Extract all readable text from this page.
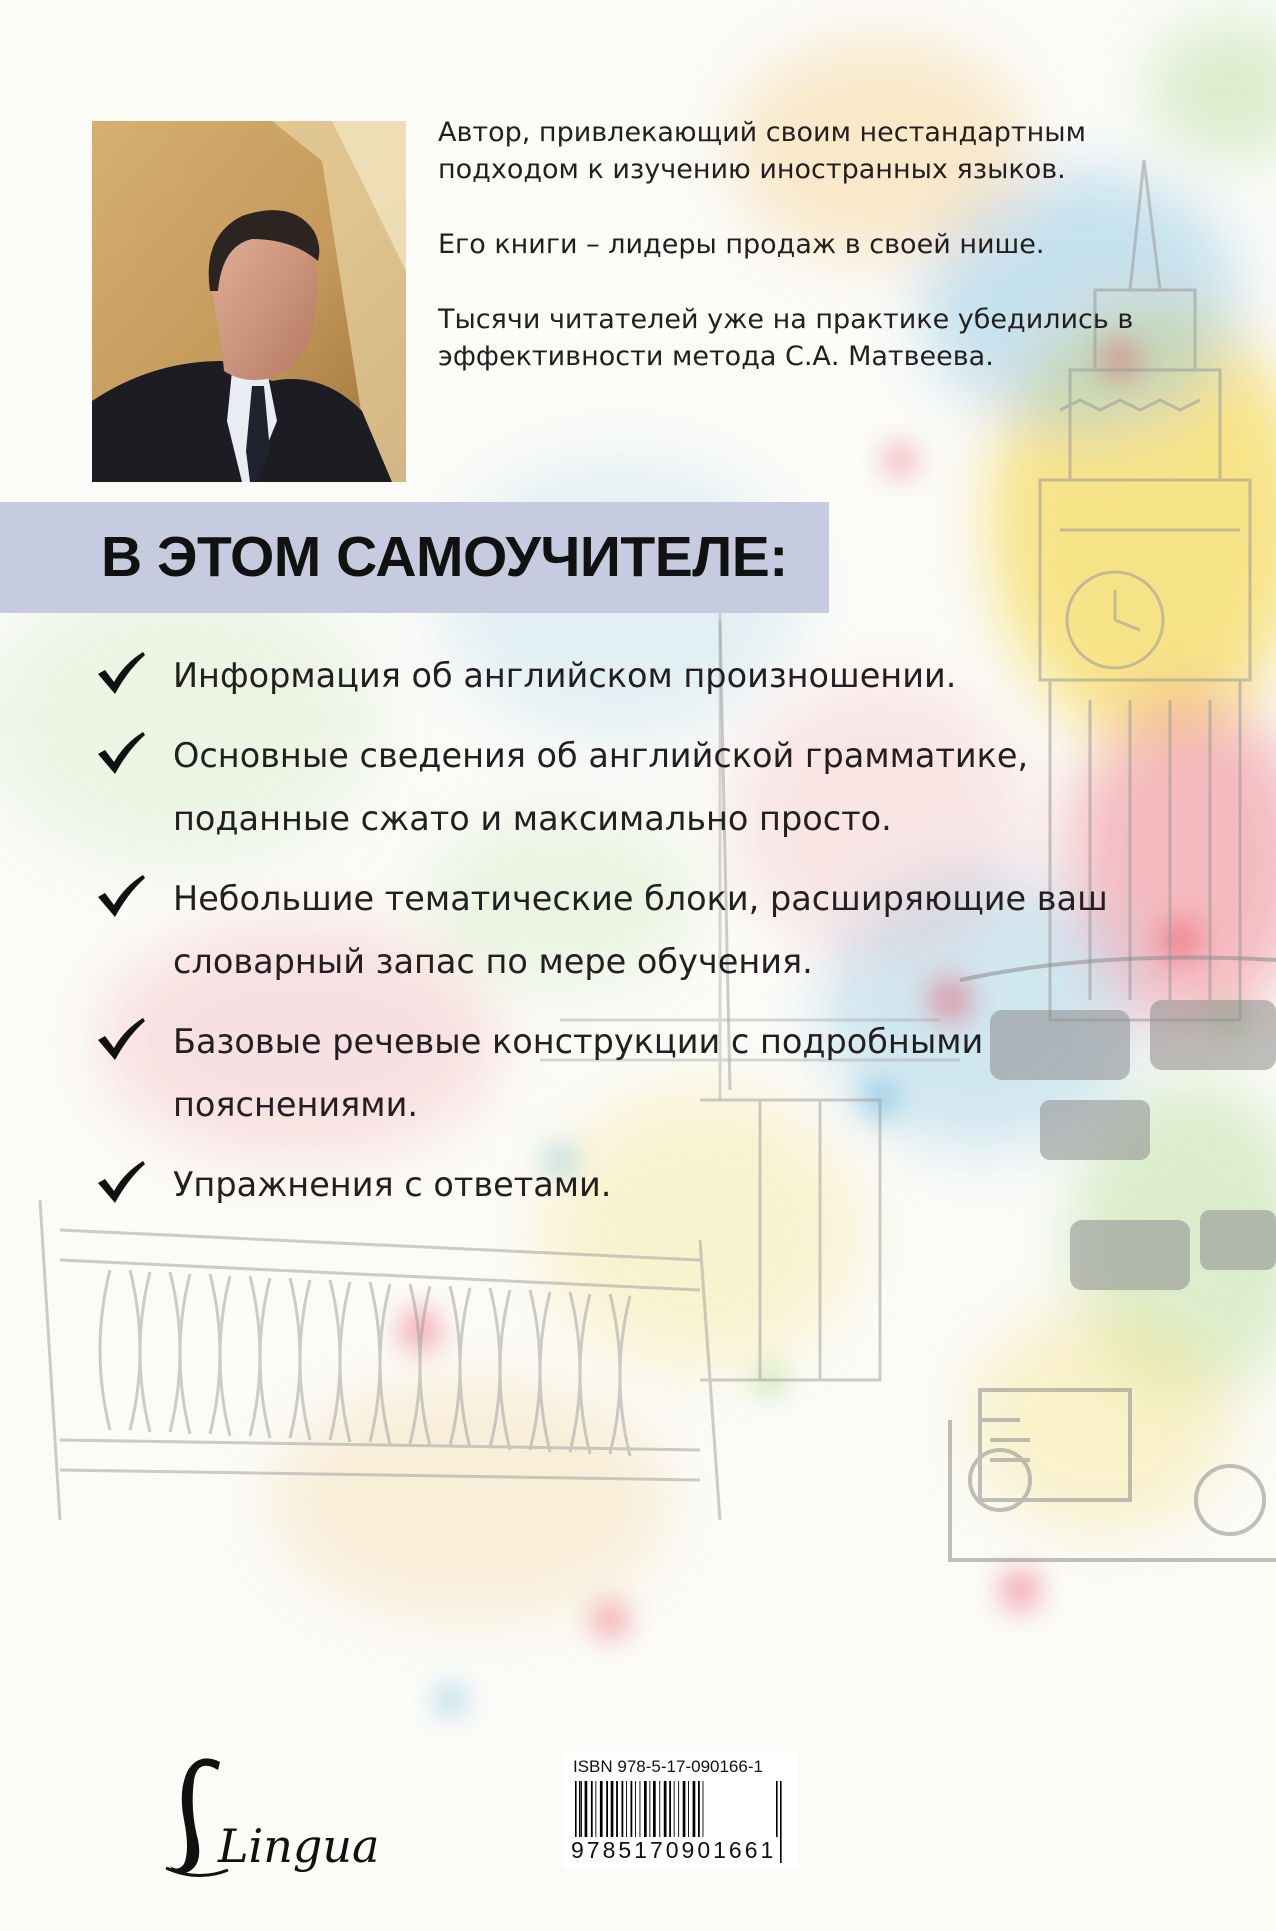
Автор, привлекающий своим нестандартным подходом к изучению иностранных языков.

Его книги – лидеры продаж в своей нише.

Тысячи читателей уже на практике убедились в эффективности метода С.А. Матвеева.

В ЭТОМ САМОУЧИТЕЛЕ:
Информация об английском произношении.
Основные сведения об английской грамматике, поданные сжато и максимально просто.
Небольшие тематические блоки, расширяющие ваш словарный запас по мере обучения.
Базовые речевые конструкции с подробными пояснениями.
Упражнения с ответами.
Lingua
ISBN 978-5-17-090166-1
9785170901661
